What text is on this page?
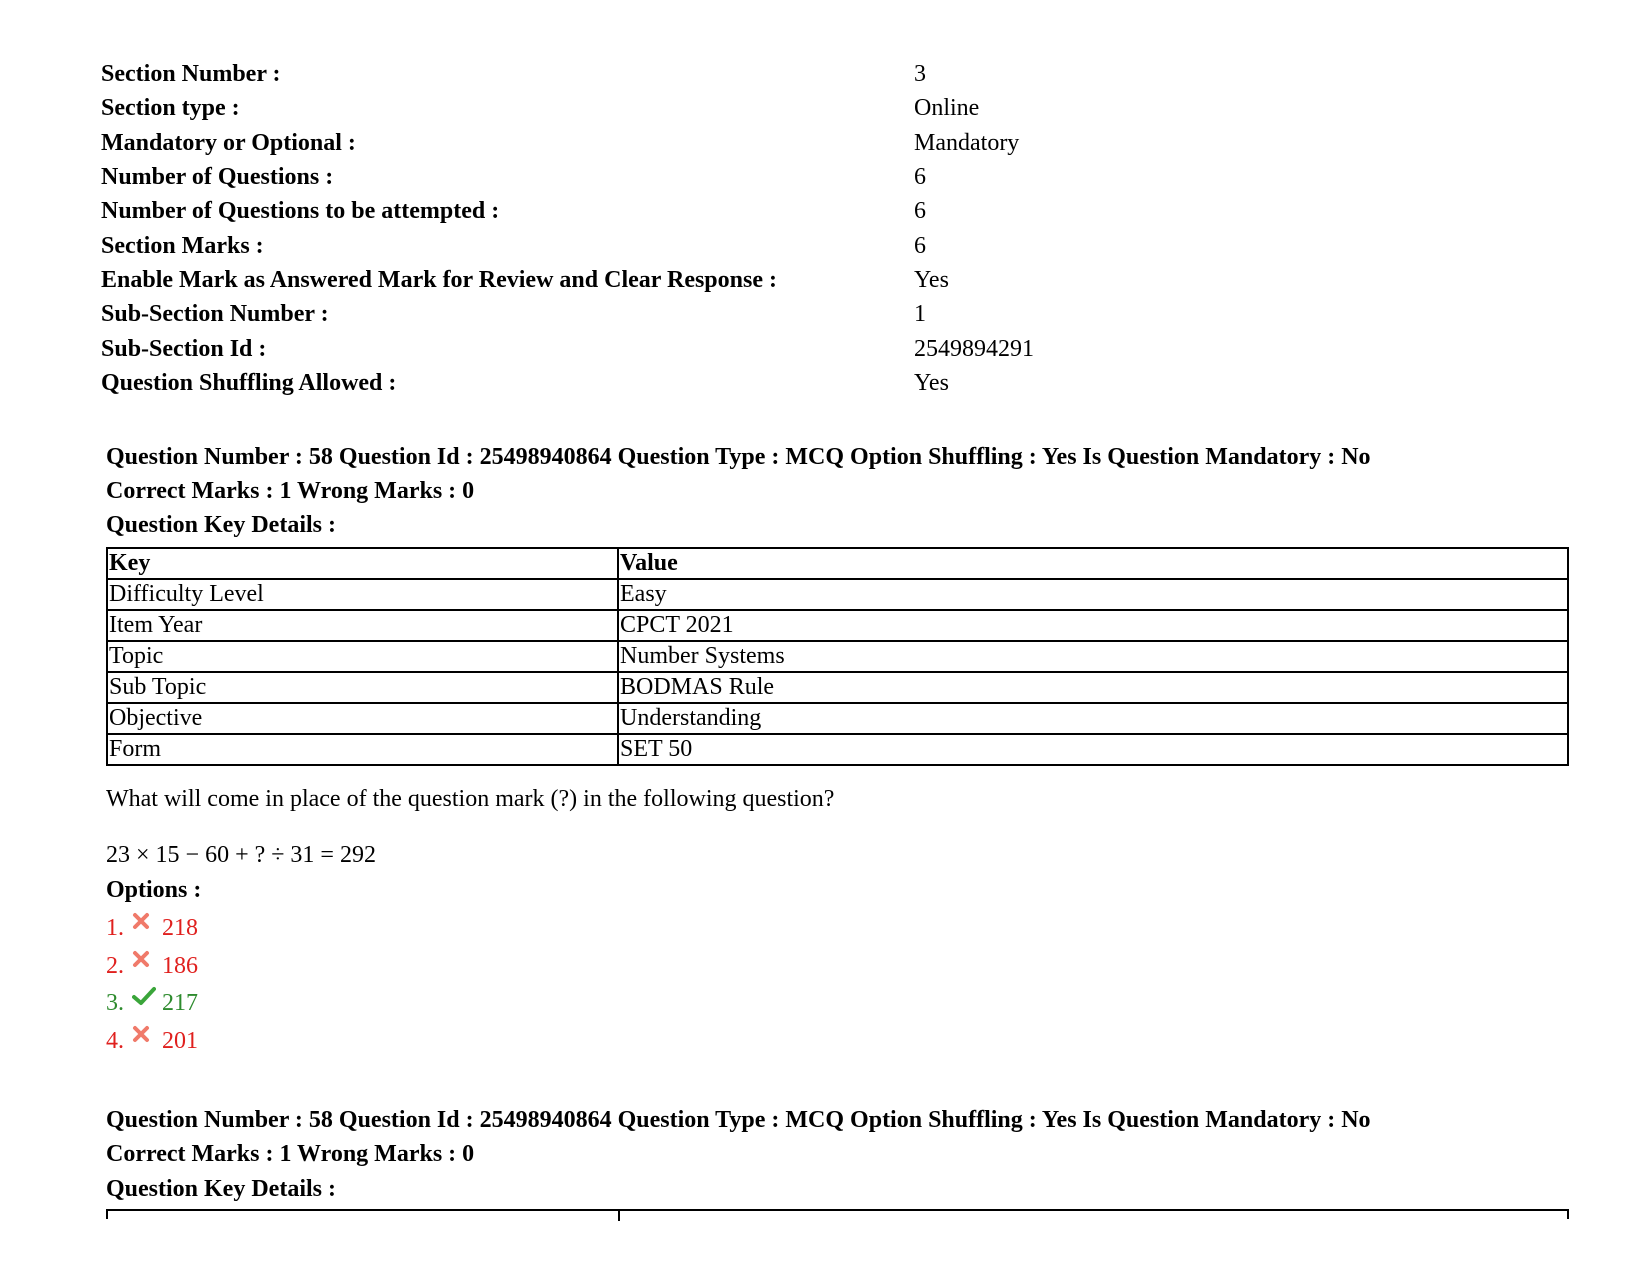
Section Number :	3
Section type :	Online
Mandatory or Optional :	Mandatory
Number of Questions :	6
Number of Questions to be attempted :	6
Section Marks :	6
Enable Mark as Answered Mark for Review and Clear Response :	Yes
Sub-Section Number :	1
Sub-Section Id :	2549894291
Question Shuffling Allowed :	Yes
Question Number : 58 Question Id : 25498940864 Question Type : MCQ Option Shuffling : Yes Is Question Mandatory : No
Correct Marks : 1 Wrong Marks : 0
Question Key Details :
Key	Value
Difficulty Level	Easy
Item Year	CPCT 2021
Topic	Number Systems
Sub Topic	BODMAS Rule
Objective	Understanding
Form	SET 50
What will come in place of the question mark (?) in the following question?
23 × 15 − 60 + ? ÷ 31 = 292
Options :
1. 218
2. 186
3. 217
4. 201
Question Number : 58 Question Id : 25498940864 Question Type : MCQ Option Shuffling : Yes Is Question Mandatory : No
Correct Marks : 1 Wrong Marks : 0
Question Key Details :
